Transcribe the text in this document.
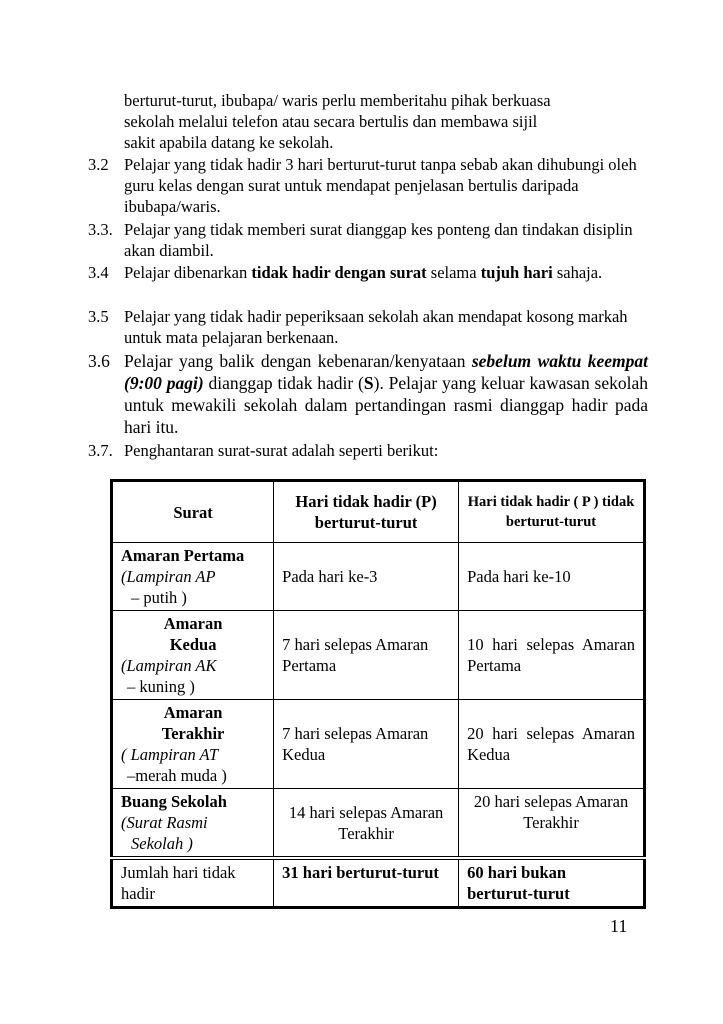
berturut-turut, ibubapa/ waris perlu memberitahu pihak berkuasa
sekolah melalui telefon atau secara bertulis dan membawa sijil
sakit apabila datang ke sekolah.
3.2 Pelajar yang tidak hadir 3 hari berturut-turut tanpa sebab akan dihubungi oleh guru kelas dengan surat untuk mendapat penjelasan bertulis daripada ibubapa/waris.
3.3. Pelajar yang tidak memberi surat dianggap kes ponteng dan tindakan disiplin akan diambil.
3.4 Pelajar dibenarkan tidak hadir dengan surat selama tujuh hari sahaja.
3.5 Pelajar yang tidak hadir peperiksaan sekolah akan mendapat kosong markah untuk mata pelajaran berkenaan.
3.6 Pelajar yang balik dengan kebenaran/kenyataan sebelum waktu keempat (9:00 pagi) dianggap tidak hadir (S). Pelajar yang keluar kawasan sekolah untuk mewakili sekolah dalam pertandingan rasmi dianggap hadir pada hari itu.
3.7. Penghantaran surat-surat adalah seperti berikut:
Surat	Hari tidak hadir (P) berturut-turut	Hari tidak hadir ( P ) tidak berturut-turut

Amaran Pertama
(Lampiran AP
– putih )	Pada hari ke-3	Pada hari ke-10

Amaran Kedua
(Lampiran AK
– kuning )	7 hari selepas Amaran Pertama	10 hari selepas Amaran Pertama

Amaran Terakhir
( Lampiran AT
–merah muda )	7 hari selepas Amaran Kedua	20 hari selepas Amaran Kedua

Buang Sekolah
(Surat Rasmi
Sekolah )	14 hari selepas Amaran Terakhir	20 hari selepas Amaran Terakhir
Jumlah hari tidak hadir	31 hari berturut-turut	60 hari bukan berturut-turut
11
